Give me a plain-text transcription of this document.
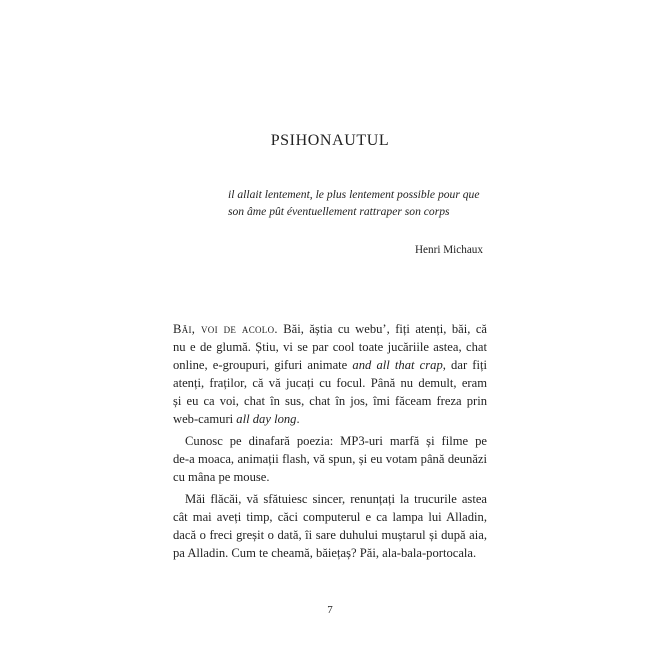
PSIHONAUTUL

il allait lentement, le plus lentement possible pour que
son âme pût éventuellement rattraper son corps

Henri Michaux

Băi, voi de acolo. Băi, ăștia cu webu’, fiți atenți, băi, că
nu e de glumă. Știu, vi se par cool toate jucăriile astea, chat
online, e-groupuri, gifuri animate and all that crap, dar fiți
atenți, fraților, că vă jucați cu focul. Până nu demult, eram
și eu ca voi, chat în sus, chat în jos, îmi făceam freza prin
web-camuri all day long.

Cunosc pe dinafară poezia: MP3-uri marfă și filme pe
de-a moaca, animații flash, vă spun, și eu votam până deunăzi
cu mâna pe mouse.

Măi flăcăi, vă sfătuiesc sincer, renunțați la trucurile astea
cât mai aveți timp, căci computerul e ca lampa lui Alladin,
dacă o freci greșit o dată, îi sare duhului muștarul și după aia,
pa Alladin. Cum te cheamă, băiețaș? Păi, ala-bala-portocala.

7
